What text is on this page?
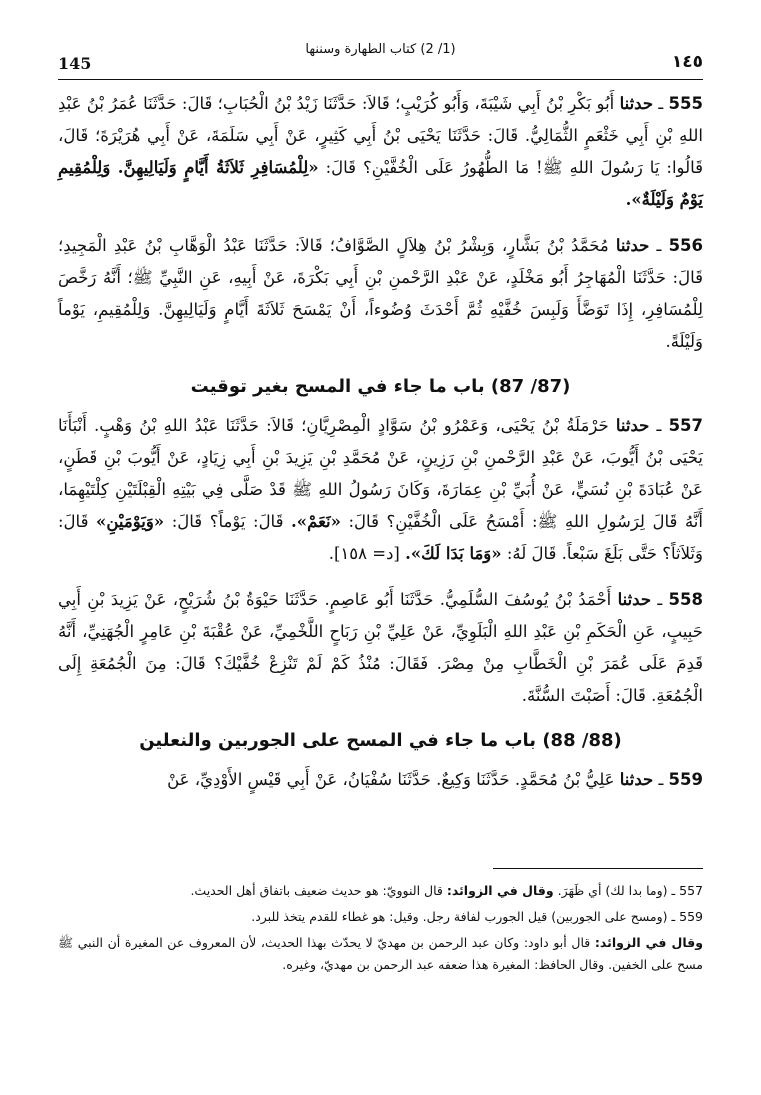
145
(1/ 2) كتاب الطهارة وسننها
١٤٥

555 ـ حدثنا أَبُو بَكْرِ بْنُ أَبِي شَيْبَةَ، وَأَبُو كُرَيْبٍ؛ قَالاَ: حَدَّثَنَا زَيْدُ بْنُ الْحُبَابِ؛ قَالَ: حَدَّثَنَا عُمَرُ بْنُ عَبْدِ اللهِ بْنِ أَبِي خَثْعَمٍ الثُّمَالِيُّ. قَالَ: حَدَّثَنَا يَحْيَى بْنُ أَبِي كَثِيرٍ، عَنْ أَبِي سَلَمَةَ، عَنْ أَبِي هُرَيْرَةَ؛ قَالَ، قَالُوا: يَا رَسُولَ اللهِ ﷺ! مَا الطُّهُورُ عَلَى الْخُفَّيْنِ؟ قَالَ: «لِلْمُسَافِرِ ثَلاَثَةُ أَيَّامٍ وَلَيَالِيهِنَّ. وَلِلْمُقِيمِ يَوْمٌ وَلَيْلَةٌ».

556 ـ حدثنا مُحَمَّدُ بْنُ بَشَّارٍ، وَبِشْرُ بْنُ هِلاَلٍ الصَّوَّافُ؛ قَالاَ: حَدَّثَنَا عَبْدُ الْوَهَّابِ بْنُ عَبْدِ الْمَجِيدِ؛ قَالَ: حَدَّثَنَا الْمُهَاجِرُ أَبُو مَخْلَدٍ، عَنْ عَبْدِ الرَّحْمنِ بْنِ أَبِي بَكْرَةَ، عَنْ أَبِيهِ، عَنِ النَّبِيِّ ﷺ؛ أَنَّهُ رَخَّصَ لِلْمُسَافِرِ، إِذَا تَوَضَّأَ وَلَبِسَ خُفَّيْهِ ثُمَّ أَحْدَثَ وُضُوءاً، أَنْ يَمْسَحَ ثَلاَثَةَ أَيَّامٍ وَلَيَالِيهِنَّ. وَلِلْمُقِيمِ، يَوْماً وَلَيْلَةً.

(87/ 87) باب ما جاء في المسح بغير توقيت

557 ـ حدثنا حَرْمَلَةُ بْنُ يَحْيَى، وَعَمْرُو بْنُ سَوَّادٍ الْمِصْرِيَّانِ؛ قَالاَ: حَدَّثَنَا عَبْدُ اللهِ بْنُ وَهْبٍ. أَنْبَأَنَا يَحْيَى بْنُ أَيُّوبَ، عَنْ عَبْدِ الرَّحْمنِ بْنِ رَزِينٍ، عَنْ مُحَمَّدِ بْنِ يَزِيدَ بْنِ أَبِي زِيَادٍ، عَنْ أَيُّوبَ بْنِ قَطَنٍ، عَنْ عُبَادَةَ بْنِ نُسَيٍّ، عَنْ أُبَيِّ بْنِ عِمَارَةَ، وَكَانَ رَسُولُ اللهِ ﷺ قَدْ صَلَّى فِي بَيْتِهِ الْقِبْلَتَيْنِ كِلْتَيْهِمَا، أَنَّهُ قَالَ لِرَسُولِ اللهِ ﷺ: أَمْسَحُ عَلَى الْخُفَّيْنِ؟ قَالَ: «نَعَمْ». قَالَ: يَوْماً؟ قَالَ: «وَيَوْمَيْنِ» قَالَ: وَثَلاَثاً؟ حَتَّى بَلَغَ سَبْعاً. قَالَ لَهُ: «وَمَا بَدَا لَكَ». [د= ١٥٨].

558 ـ حدثنا أَحْمَدُ بْنُ يُوسُفَ السُّلَمِيُّ. حَدَّثَنَا أَبُو عَاصِمٍ. حَدَّثَنَا حَيْوَةُ بْنُ شُرَيْحٍ، عَنْ يَزِيدَ بْنِ أَبِي حَبِيبٍ، عَنِ الْحَكَمِ بْنِ عَبْدِ اللهِ الْبَلَوِيِّ، عَنْ عَلِيِّ بْنِ رَبَاحٍ اللَّخْمِيِّ، عَنْ عُقْبَةَ بْنِ عَامِرٍ الْجُهَنِيِّ، أَنَّهُ قَدِمَ عَلَى عُمَرَ بْنِ الْخَطَّابِ مِنْ مِصْرَ. فَقَالَ: مُنْذُ كَمْ لَمْ تَنْزِعْ خُفَّيْكَ؟ قَالَ: مِنَ الْجُمُعَةِ إِلَى الْجُمُعَةِ. قَالَ: أَصَبْتَ السُّنَّةَ.

(88/ 88) باب ما جاء في المسح على الجوربين والنعلين

559 ـ حدثنا عَلِيُّ بْنُ مُحَمَّدٍ. حَدَّثَنَا وَكِيعٌ. حَدَّثَنَا سُفْيَانُ، عَنْ أَبِي قَيْسٍ الأَوْدِيِّ، عَنْ

557 ـ (وما بدا لك) أي ظَهَرَ. وقال في الزوائد: قال النوويّ: هو حديث ضعيف باتفاق أهل الحديث.

559 ـ (ومسح على الجوربين) قيل الجورب لفافة رجل. وقيل: هو غطاء للقدم يتخذ للبرد.

وقال في الزوائد: قال أبو داود: وكان عبد الرحمن بن مهديّ لا يحدّث بهذا الحديث، لأن المعروف عن المغيرة أن النبي ﷺ مسح على الخفين. وقال الحافظ: المغيرة هذا ضعفه عبد الرحمن بن مهديّ، وغيره.
